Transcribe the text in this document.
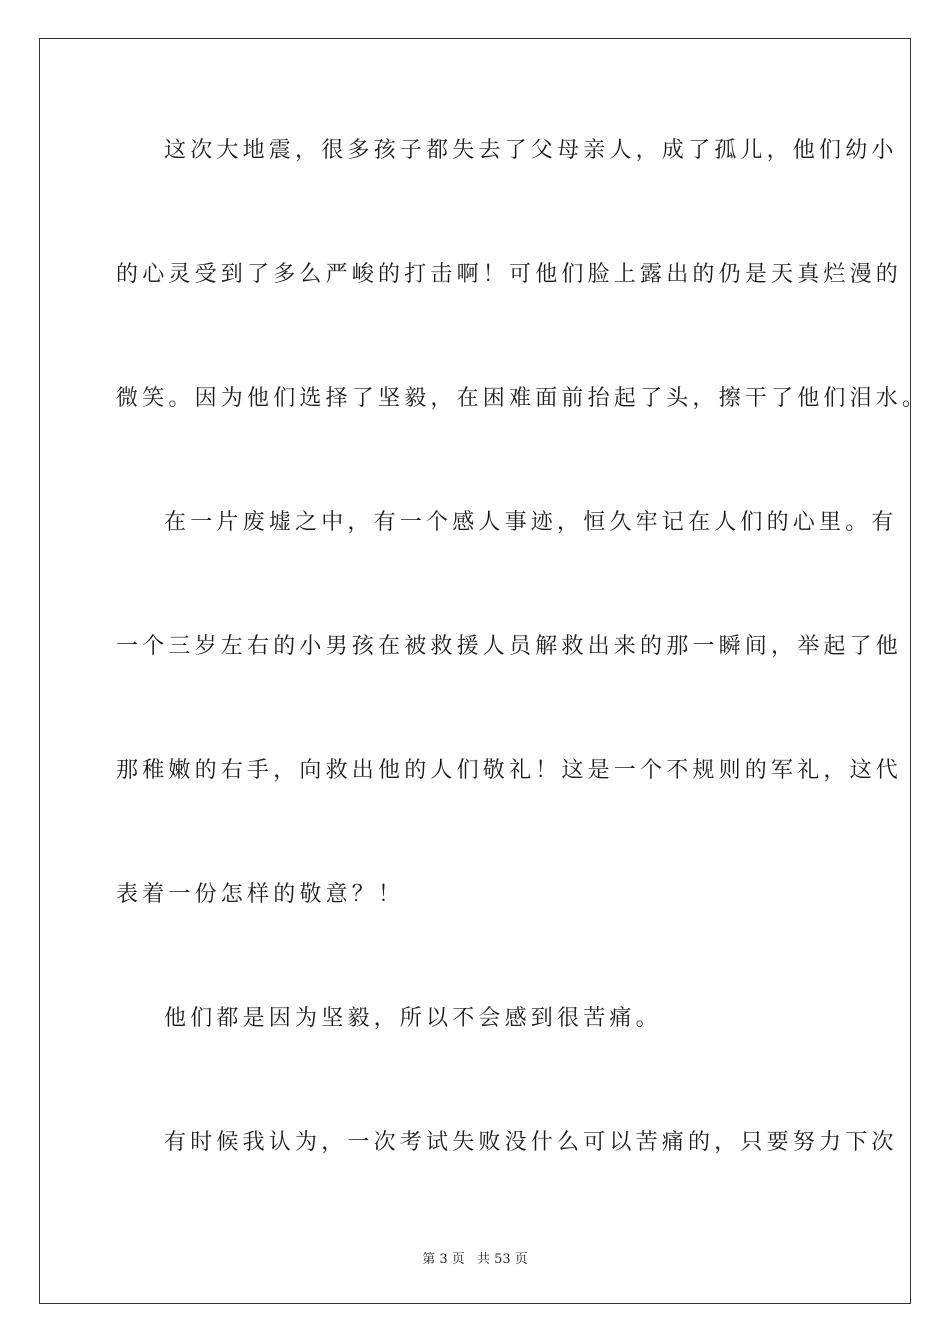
这次大地震，很多孩子都失去了父母亲人，成了孤儿，他们幼小
的心灵受到了多么严峻的打击啊！可他们脸上露出的仍是天真烂漫的
微笑。因为他们选择了坚毅，在困难面前抬起了头，擦干了他们泪水。
在一片废墟之中，有一个感人事迹，恒久牢记在人们的心里。有
一个三岁左右的小男孩在被救援人员解救出来的那一瞬间，举起了他
那稚嫩的右手，向救出他的人们敬礼！这是一个不规则的军礼，这代
表着一份怎样的敬意？！
他们都是因为坚毅，所以不会感到很苦痛。
有时候我认为，一次考试失败没什么可以苦痛的，只要努力下次
第 3 页 共 53 页
